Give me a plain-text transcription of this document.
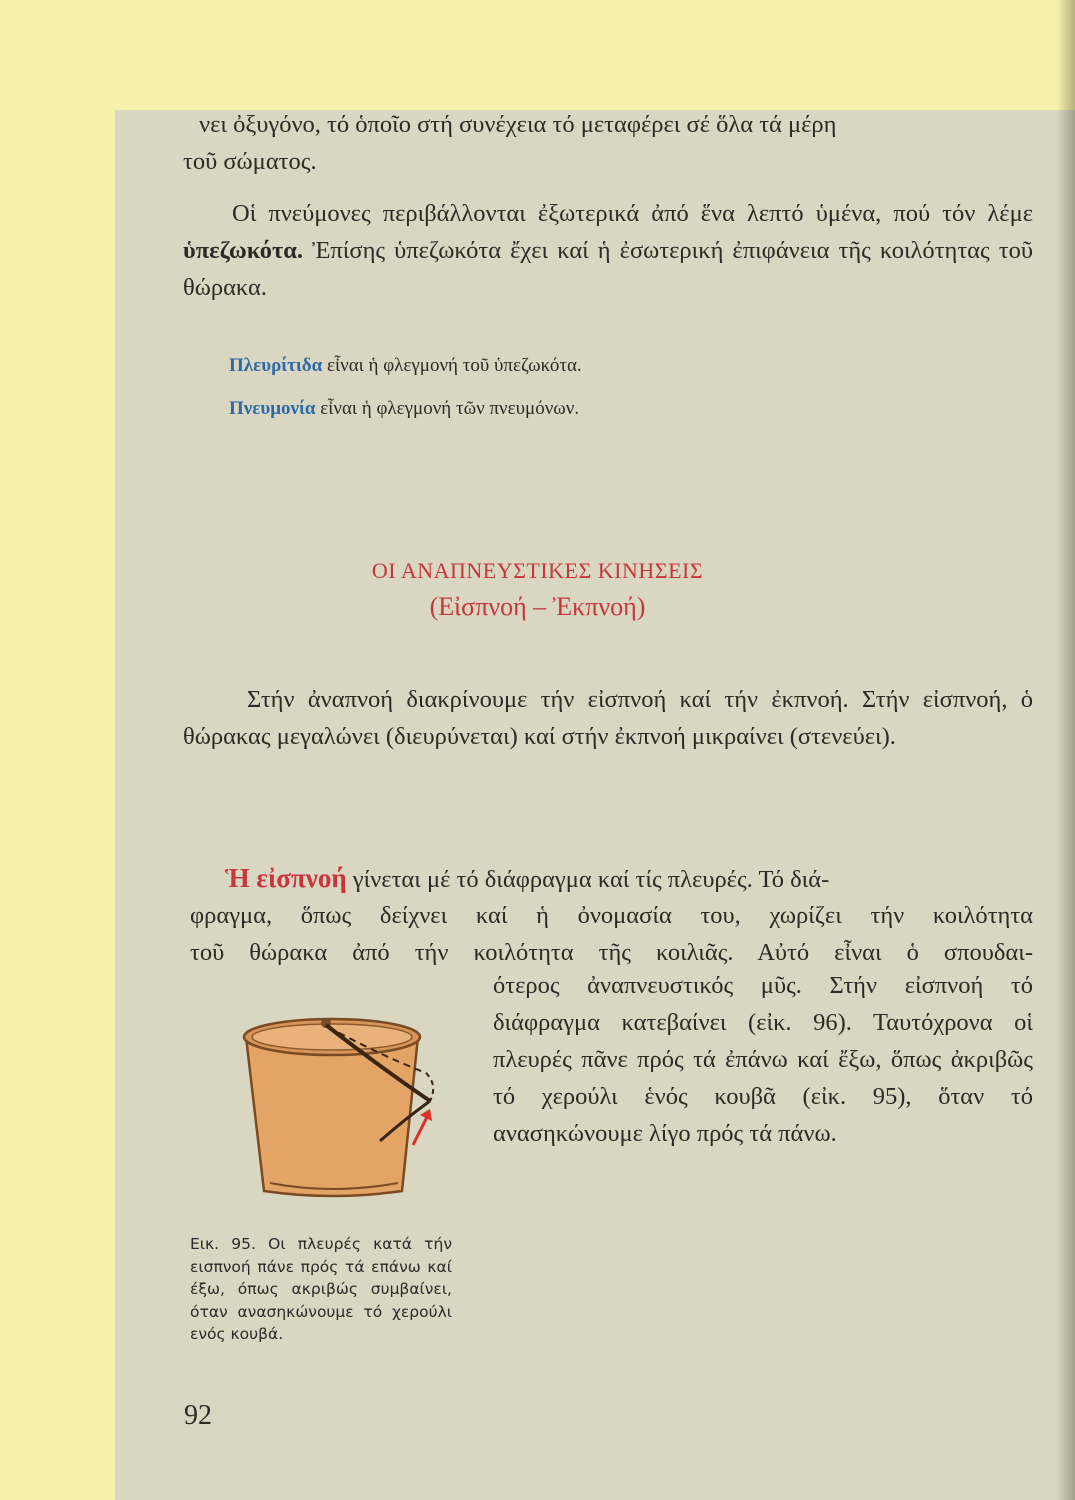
νει ὀξυγόνο, τό ὁποῖο στή συνέχεια τό μεταφέρει σέ ὅλα τά μέρη

τοῦ σώματος.

Οἱ πνεύμονες περιβάλλονται ἐξωτερικά ἀπό ἕνα λεπτό ὑμένα, πού τόν λέμε ὑπεζωκότα. Ἐπίσης ὑπεζωκότα ἔχει καί ἡ ἐσωτερική ἐπιφάνεια τῆς κοιλότητας τοῦ θώρακα.

Πλευρίτιδα εἶναι ἡ φλεγμονή τοῦ ὑπεζωκότα.

Πνευμονία εἶναι ἡ φλεγμονή τῶν πνευμόνων.

ΟΙ ΑΝΑΠΝΕΥΣΤΙΚΕΣ ΚΙΝΗΣΕΙΣ

(Εἰσπνοή – Ἐκπνοή)

Στήν ἀναπνοή διακρίνουμε τήν εἰσπνοή καί τήν ἐκπνοή. Στήν εἰσπνοή, ὁ θώρακας μεγαλώνει (διευρύνεται) καί στήν ἐκπνοή μικραίνει (στενεύει).

Ἡ εἰσπνοή γίνεται μέ τό διάφραγμα καί τίς πλευρές. Τό διά-

φραγμα, ὅπως δείχνει καί ἡ ὀνομασία του, χωρίζει τήν κοιλότητα

τοῦ θώρακα ἀπό τήν κοιλότητα τῆς κοιλιᾶς. Αὐτό εἶναι ὁ σπουδαι-

ότερος ἀναπνευστικός μῦς. Στήν εἰσπνοή τό διάφραγμα κατεβαίνει (εἰκ. 96). Ταυτόχρονα οἱ πλευρές πᾶνε πρός τά ἐπάνω καί ἔξω, ὅπως ἀκριβῶς τό χερούλι ἑνός κουβᾶ (εἰκ. 95), ὅταν τό ανασηκώνουμε λίγο πρός τά πάνω.

Εικ. 95. Οι πλευρές κατά τήν εισπνοή πάνε πρός τά επάνω καί έξω, όπως ακριβώς συμβαίνει, όταν ανασηκώνουμε τό χερούλι ενός κουβά.

92
